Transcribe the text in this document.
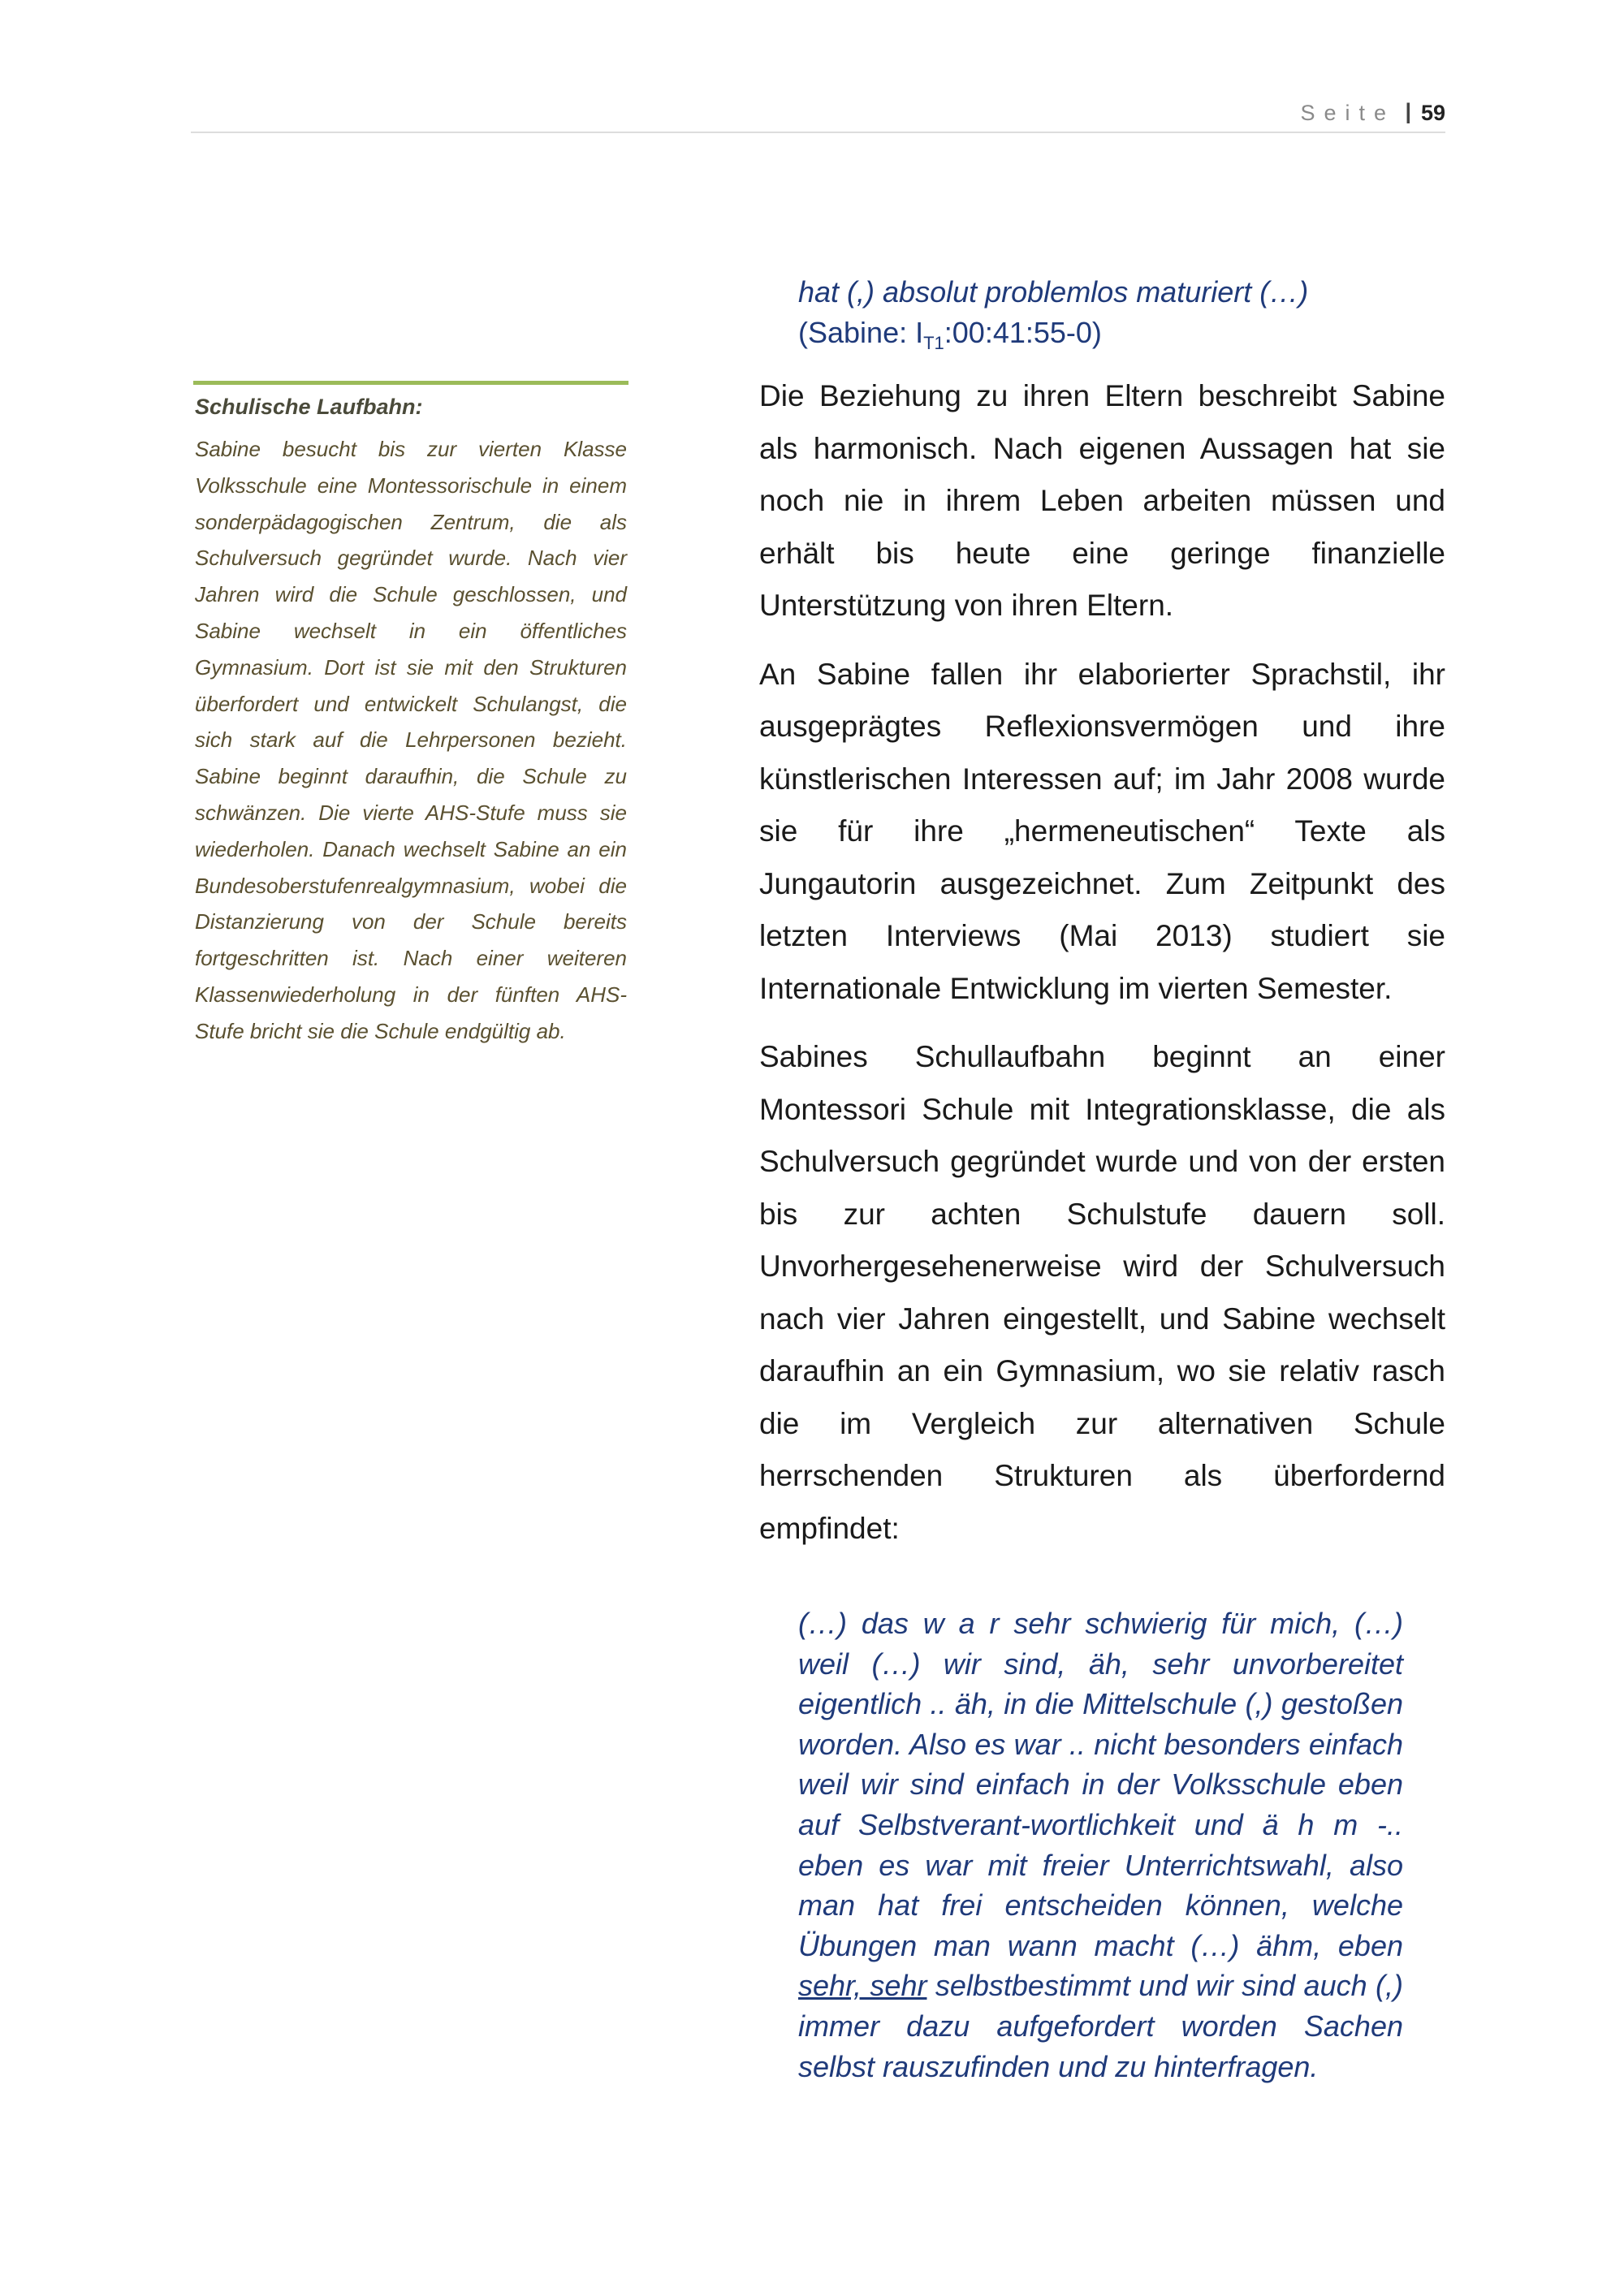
Seite | 59
Schulische Laufbahn:
Sabine besucht bis zur vierten Klasse Volksschule eine Montessorischule in einem sonderpädagogischen Zentrum, die als Schulversuch gegründet wurde. Nach vier Jahren wird die Schule geschlossen, und Sabine wechselt in ein öffentliches Gymnasium. Dort ist sie mit den Strukturen überfordert und entwickelt Schulangst, die sich stark auf die Lehrpersonen bezieht. Sabine beginnt daraufhin, die Schule zu schwänzen. Die vierte AHS-Stufe muss sie wiederholen. Danach wechselt Sabine an ein Bundesoberstufenrealgymnasium, wobei die Distanzierung von der Schule bereits fortgeschritten ist. Nach einer weiteren Klassenwiederholung in der fünften AHS-Stufe bricht sie die Schule endgültig ab.
hat (,) absolut problemlos maturiert (…)
(Sabine: $I_{T1}:00:41:55-0$)

Die Beziehung zu ihren Eltern beschreibt Sabine als harmonisch. Nach eigenen Aussagen hat sie noch nie in ihrem Leben arbeiten müssen und erhält bis heute eine geringe finanzielle Unterstützung von ihren Eltern.

An Sabine fallen ihr elaborierter Sprachstil, ihr ausgeprägtes Reflexionsvermögen und ihre künstlerischen Interessen auf; im Jahr 2008 wurde sie für ihre „hermeneutischen“ Texte als Jungautorin ausgezeichnet. Zum Zeitpunkt des letzten Interviews (Mai 2013) studiert sie Internationale Entwicklung im vierten Semester.

Sabines Schullaufbahn beginnt an einer Montessori Schule mit Integrationsklasse, die als Schulversuch gegründet wurde und von der ersten bis zur achten Schulstufe dauern soll. Unvorhergesehenerweise wird der Schulversuch nach vier Jahren eingestellt, und Sabine wechselt daraufhin an ein Gymnasium, wo sie relativ rasch die im Vergleich zur alternativen Schule herrschenden Strukturen als überfordernd empfindet:

(…) das w a r sehr schwierig für mich, (…) weil (…) wir sind, äh, sehr unvorbereitet eigentlich .. äh, in die Mittelschule (,) gestoßen worden. Also es war .. nicht besonders einfach weil wir sind einfach in der Volksschule eben auf Selbstverant-wortlichkeit und ä h m -.. eben es war mit freier Unterrichtswahl, also man hat frei entscheiden können, welche Übungen man wann macht (…) ähm, eben sehr, sehr selbstbestimmt und wir sind auch (,) immer dazu aufgefordert worden Sachen selbst rauszufinden und zu hinterfragen.
